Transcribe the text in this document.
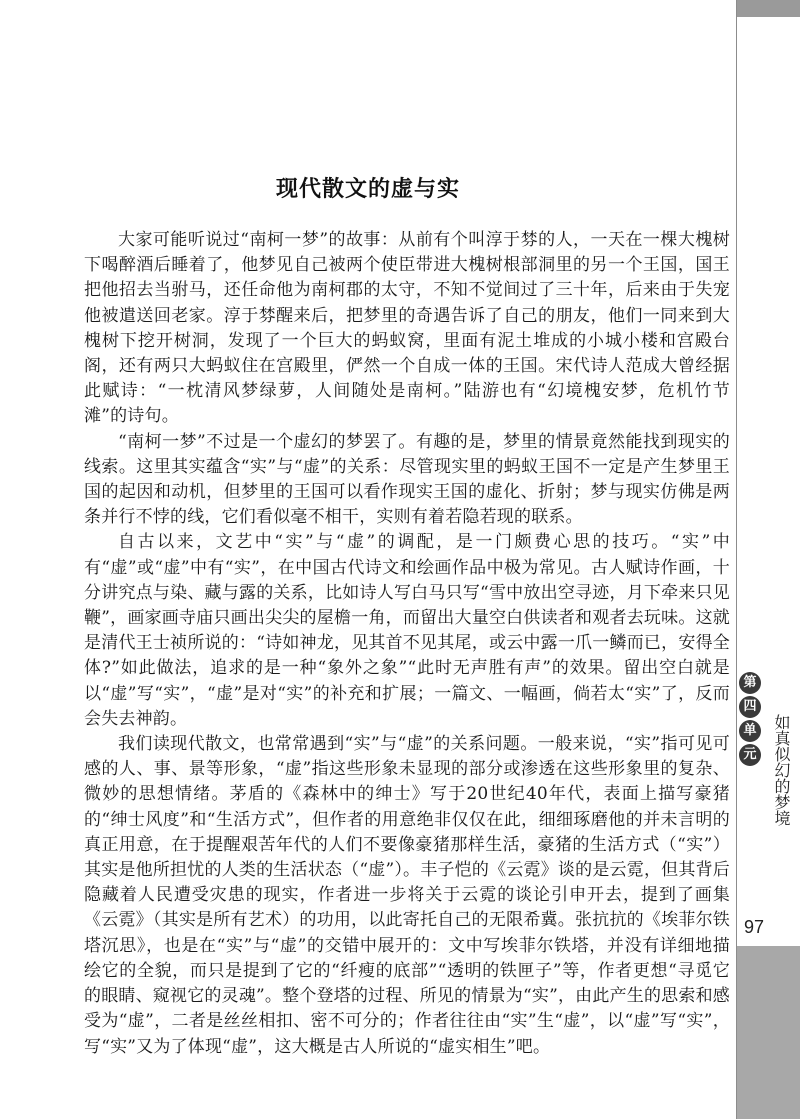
现代散文的虚与实

大家可能听说过“南柯一梦”的故事：从前有个叫淳于棼的人，一天在一棵大槐树下喝醉酒后睡着了，他梦见自己被两个使臣带进大槐树根部洞里的另一个王国，国王把他招去当驸马，还任命他为南柯郡的太守，不知不觉间过了三十年，后来由于失宠他被遣送回老家。淳于棼醒来后，把梦里的奇遇告诉了自己的朋友，他们一同来到大槐树下挖开树洞，发现了一个巨大的蚂蚁窝，里面有泥土堆成的小城小楼和宫殿台阁，还有两只大蚂蚁住在宫殿里，俨然一个自成一体的王国。宋代诗人范成大曾经据此赋诗：“一枕清风梦绿萝，人间随处是南柯。”陆游也有“幻境槐安梦，危机竹节滩”的诗句。

“南柯一梦”不过是一个虚幻的梦罢了。有趣的是，梦里的情景竟然能找到现实的线索。这里其实蕴含“实”与“虚”的关系：尽管现实里的蚂蚁王国不一定是产生梦里王国的起因和动机，但梦里的王国可以看作现实王国的虚化、折射；梦与现实仿佛是两条并行不悖的线，它们看似毫不相干，实则有着若隐若现的联系。

自古以来，文艺中“实”与“虚”的调配，是一门颇费心思的技巧。“实”中有“虚”或“虚”中有“实”，在中国古代诗文和绘画作品中极为常见。古人赋诗作画，十分讲究点与染、藏与露的关系，比如诗人写白马只写“雪中放出空寻迹，月下牵来只见鞭”，画家画寺庙只画出尖尖的屋檐一角，而留出大量空白供读者和观者去玩味。这就是清代王士祯所说的：“诗如神龙，见其首不见其尾，或云中露一爪一鳞而已，安得全体?”如此做法，追求的是一种“象外之象”“此时无声胜有声”的效果。留出空白就是以“虚”写“实”，“虚”是对“实”的补充和扩展；一篇文、一幅画，倘若太“实”了，反而会失去神韵。

我们读现代散文，也常常遇到“实”与“虚”的关系问题。一般来说，“实”指可见可感的人、事、景等形象，“虚”指这些形象未显现的部分或渗透在这些形象里的复杂、微妙的思想情绪。茅盾的《森林中的绅士》写于20世纪40年代，表面上描写豪猪的“绅士风度”和“生活方式”，但作者的用意绝非仅仅在此，细细琢磨他的并未言明的真正用意，在于提醒艰苦年代的人们不要像豪猪那样生活，豪猪的生活方式（“实”）其实是他所担忧的人类的生活状态（“虚”）。丰子恺的《云霓》谈的是云霓，但其背后隐藏着人民遭受灾患的现实，作者进一步将关于云霓的谈论引申开去，提到了画集《云霓》（其实是所有艺术）的功用，以此寄托自己的无限希冀。张抗抗的《埃菲尔铁塔沉思》，也是在“实”与“虚”的交错中展开的：文中写埃菲尔铁塔，并没有详细地描绘它的全貌，而只是提到了它的“纤瘦的底部”“透明的铁匣子”等，作者更想“寻觅它的眼睛、窥视它的灵魂”。整个登塔的过程、所见的情景为“实”，由此产生的思索和感受为“虚”，二者是丝丝相扣、密不可分的；作者往往由“实”生“虚”，以“虚”写“实”，写“实”又为了体现“虚”，这大概是古人所说的“虚实相生”吧。

第
四
单
元 如真似幻的梦境
97
